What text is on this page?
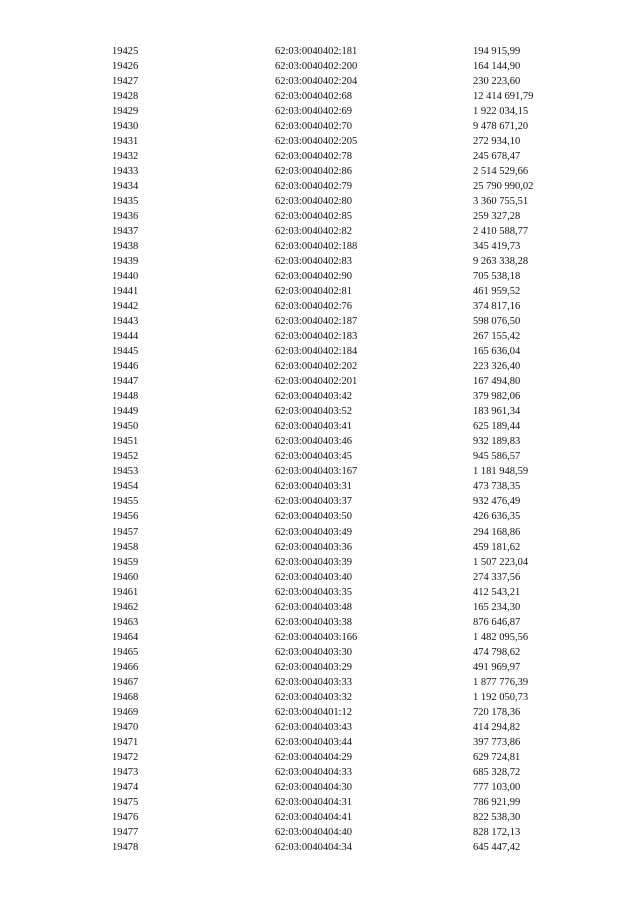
19425	62:03:0040402:181	194 915,99
19426	62:03:0040402:200	164 144,90
19427	62:03:0040402:204	230 223,60
19428	62:03:0040402:68	12 414 691,79
19429	62:03:0040402:69	1 922 034,15
19430	62:03:0040402:70	9 478 671,20
19431	62:03:0040402:205	272 934,10
19432	62:03:0040402:78	245 678,47
19433	62:03:0040402:86	2 514 529,66
19434	62:03:0040402:79	25 790 990,02
19435	62:03:0040402:80	3 360 755,51
19436	62:03:0040402:85	259 327,28
19437	62:03:0040402:82	2 410 588,77
19438	62:03:0040402:188	345 419,73
19439	62:03:0040402:83	9 263 338,28
19440	62:03:0040402:90	705 538,18
19441	62:03:0040402:81	461 959,52
19442	62:03:0040402:76	374 817,16
19443	62:03:0040402:187	598 076,50
19444	62:03:0040402:183	267 155,42
19445	62:03:0040402:184	165 636,04
19446	62:03:0040402:202	223 326,40
19447	62:03:0040402:201	167 494,80
19448	62:03:0040403:42	379 982,06
19449	62:03:0040403:52	183 961,34
19450	62:03:0040403:41	625 189,44
19451	62:03:0040403:46	932 189,83
19452	62:03:0040403:45	945 586,57
19453	62:03:0040403:167	1 181 948,59
19454	62:03:0040403:31	473 738,35
19455	62:03:0040403:37	932 476,49
19456	62:03:0040403:50	426 636,35
19457	62:03:0040403:49	294 168,86
19458	62:03:0040403:36	459 181,62
19459	62:03:0040403:39	1 507 223,04
19460	62:03:0040403:40	274 337,56
19461	62:03:0040403:35	412 543,21
19462	62:03:0040403:48	165 234,30
19463	62:03:0040403:38	876 646,87
19464	62:03:0040403:166	1 482 095,56
19465	62:03:0040403:30	474 798,62
19466	62:03:0040403:29	491 969,97
19467	62:03:0040403:33	1 877 776,39
19468	62:03:0040403:32	1 192 050,73
19469	62:03:0040401:12	720 178,36
19470	62:03:0040403:43	414 294,82
19471	62:03:0040403:44	397 773,86
19472	62:03:0040404:29	629 724,81
19473	62:03:0040404:33	685 328,72
19474	62:03:0040404:30	777 103,00
19475	62:03:0040404:31	786 921,99
19476	62:03:0040404:41	822 538,30
19477	62:03:0040404:40	828 172,13
19478	62:03:0040404:34	645 447,42
